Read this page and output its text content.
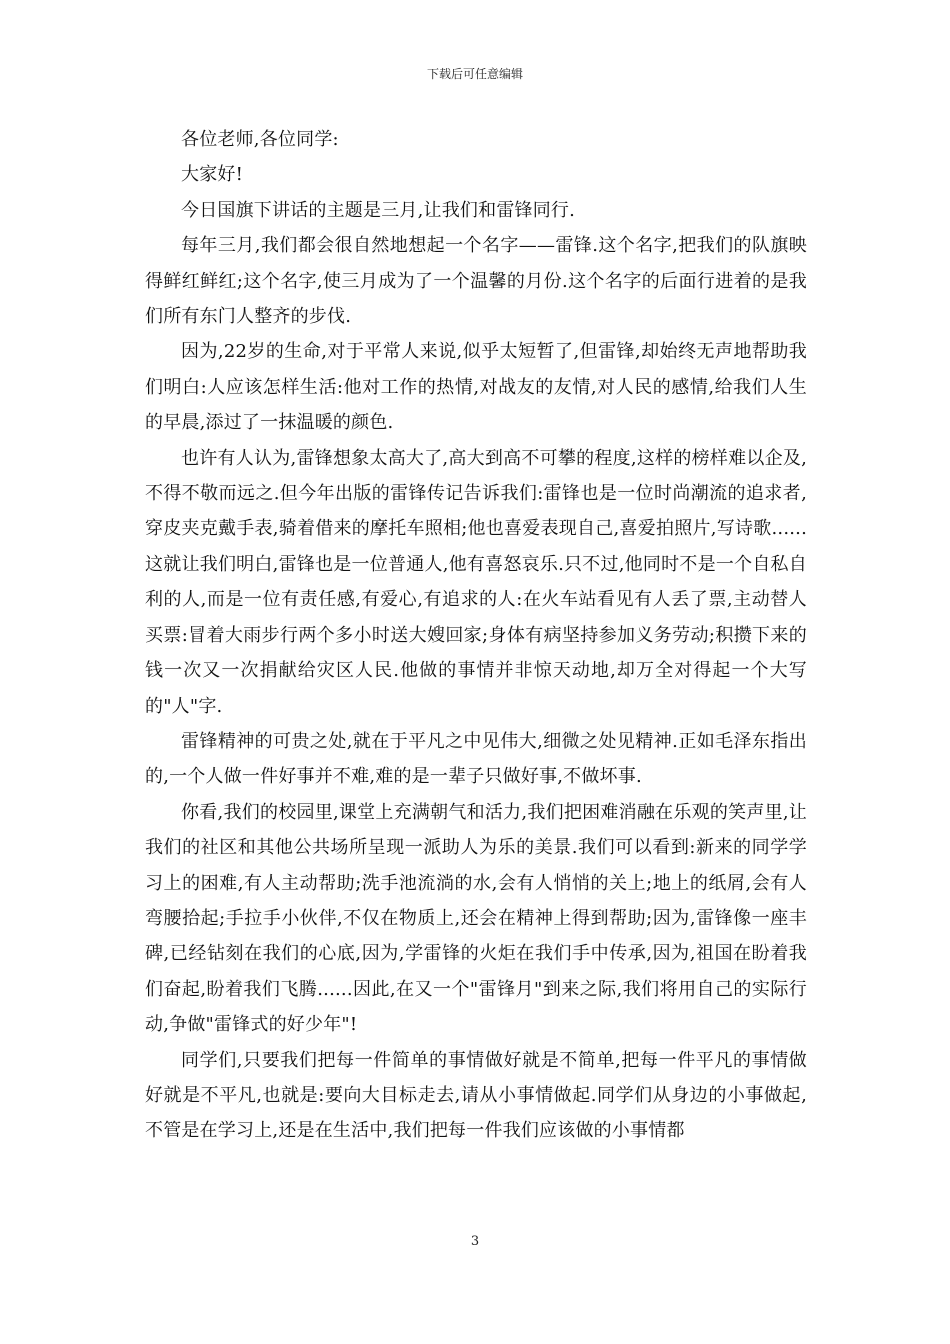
下载后可任意编辑

各位老师,各位同学:

大家好!

今日国旗下讲话的主题是三月,让我们和雷锋同行.

每年三月,我们都会很自然地想起一个名字——雷锋.这个名字,把我们的队旗映得鲜红鲜红;这个名字,使三月成为了一个温馨的月份.这个名字的后面行进着的是我们所有东门人整齐的步伐.

因为,22岁的生命,对于平常人来说,似乎太短暂了,但雷锋,却始终无声地帮助我们明白:人应该怎样生活:他对工作的热情,对战友的友情,对人民的感情,给我们人生的早晨,添过了一抹温暖的颜色.

也许有人认为,雷锋想象太高大了,高大到高不可攀的程度,这样的榜样难以企及,不得不敬而远之.但今年出版的雷锋传记告诉我们:雷锋也是一位时尚潮流的追求者,穿皮夹克戴手表,骑着借来的摩托车照相;他也喜爱表现自己,喜爱拍照片,写诗歌......这就让我们明白,雷锋也是一位普通人,他有喜怒哀乐.只不过,他同时不是一个自私自利的人,而是一位有责任感,有爱心,有追求的人:在火车站看见有人丢了票,主动替人买票:冒着大雨步行两个多小时送大嫂回家;身体有病坚持参加义务劳动;积攒下来的钱一次又一次捐献给灾区人民.他做的事情并非惊天动地,却万全对得起一个大写的"人"字.

雷锋精神的可贵之处,就在于平凡之中见伟大,细微之处见精神.正如毛泽东指出的,一个人做一件好事并不难,难的是一辈子只做好事,不做坏事.

你看,我们的校园里,课堂上充满朝气和活力,我们把困难消融在乐观的笑声里,让我们的社区和其他公共场所呈现一派助人为乐的美景.我们可以看到:新来的同学学习上的困难,有人主动帮助;洗手池流淌的水,会有人悄悄的关上;地上的纸屑,会有人弯腰拾起;手拉手小伙伴,不仅在物质上,还会在精神上得到帮助;因为,雷锋像一座丰碑,已经钻刻在我们的心底,因为,学雷锋的火炬在我们手中传承,因为,祖国在盼着我们奋起,盼着我们飞腾......因此,在又一个"雷锋月"到来之际,我们将用自己的实际行动,争做"雷锋式的好少年"!

同学们,只要我们把每一件简单的事情做好就是不简单,把每一件平凡的事情做好就是不平凡,也就是:要向大目标走去,请从小事情做起.同学们从身边的小事做起,不管是在学习上,还是在生活中,我们把每一件我们应该做的小事情都

3
